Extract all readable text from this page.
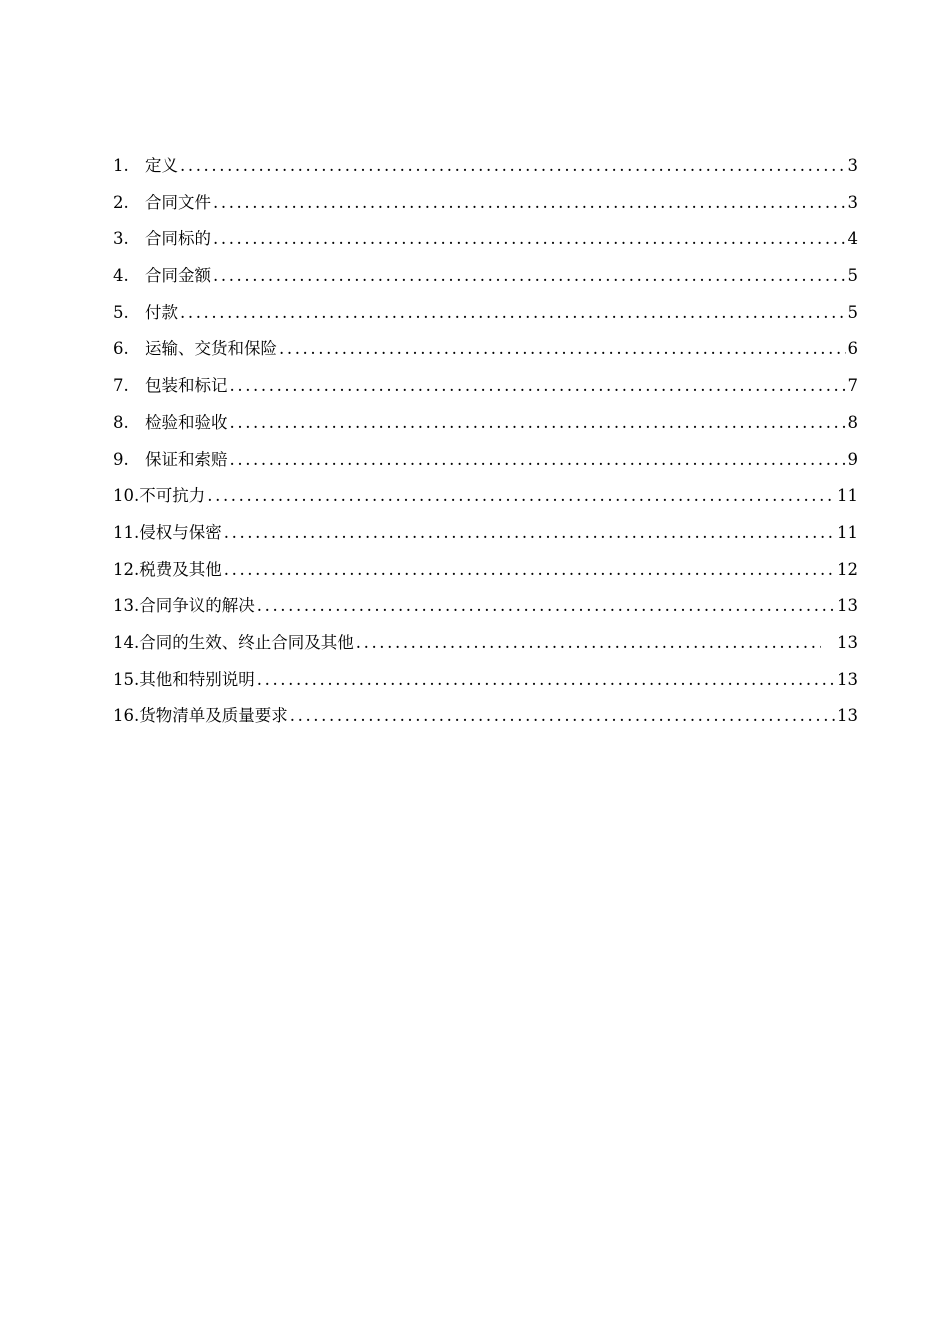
1. 定义 .....	3
2. 合同文件 .....	3
3. 合同标的 .....	4
4. 合同金额 .....	5
5. 付款 .....	5
6. 运输、交货和保险 .....	6
7. 包装和标记 .....	7
8. 检验和验收 .....	8
9. 保证和索赔 .....	9
10. 不可抗力 .....	11
11. 侵权与保密 .....	11
12. 税费及其他 .....	12
13. 合同争议的解决 .....	13
14. 合同的生效、终止合同及其他 .....	13
15. 其他和特别说明 .....	13
16. 货物清单及质量要求 .....	13
